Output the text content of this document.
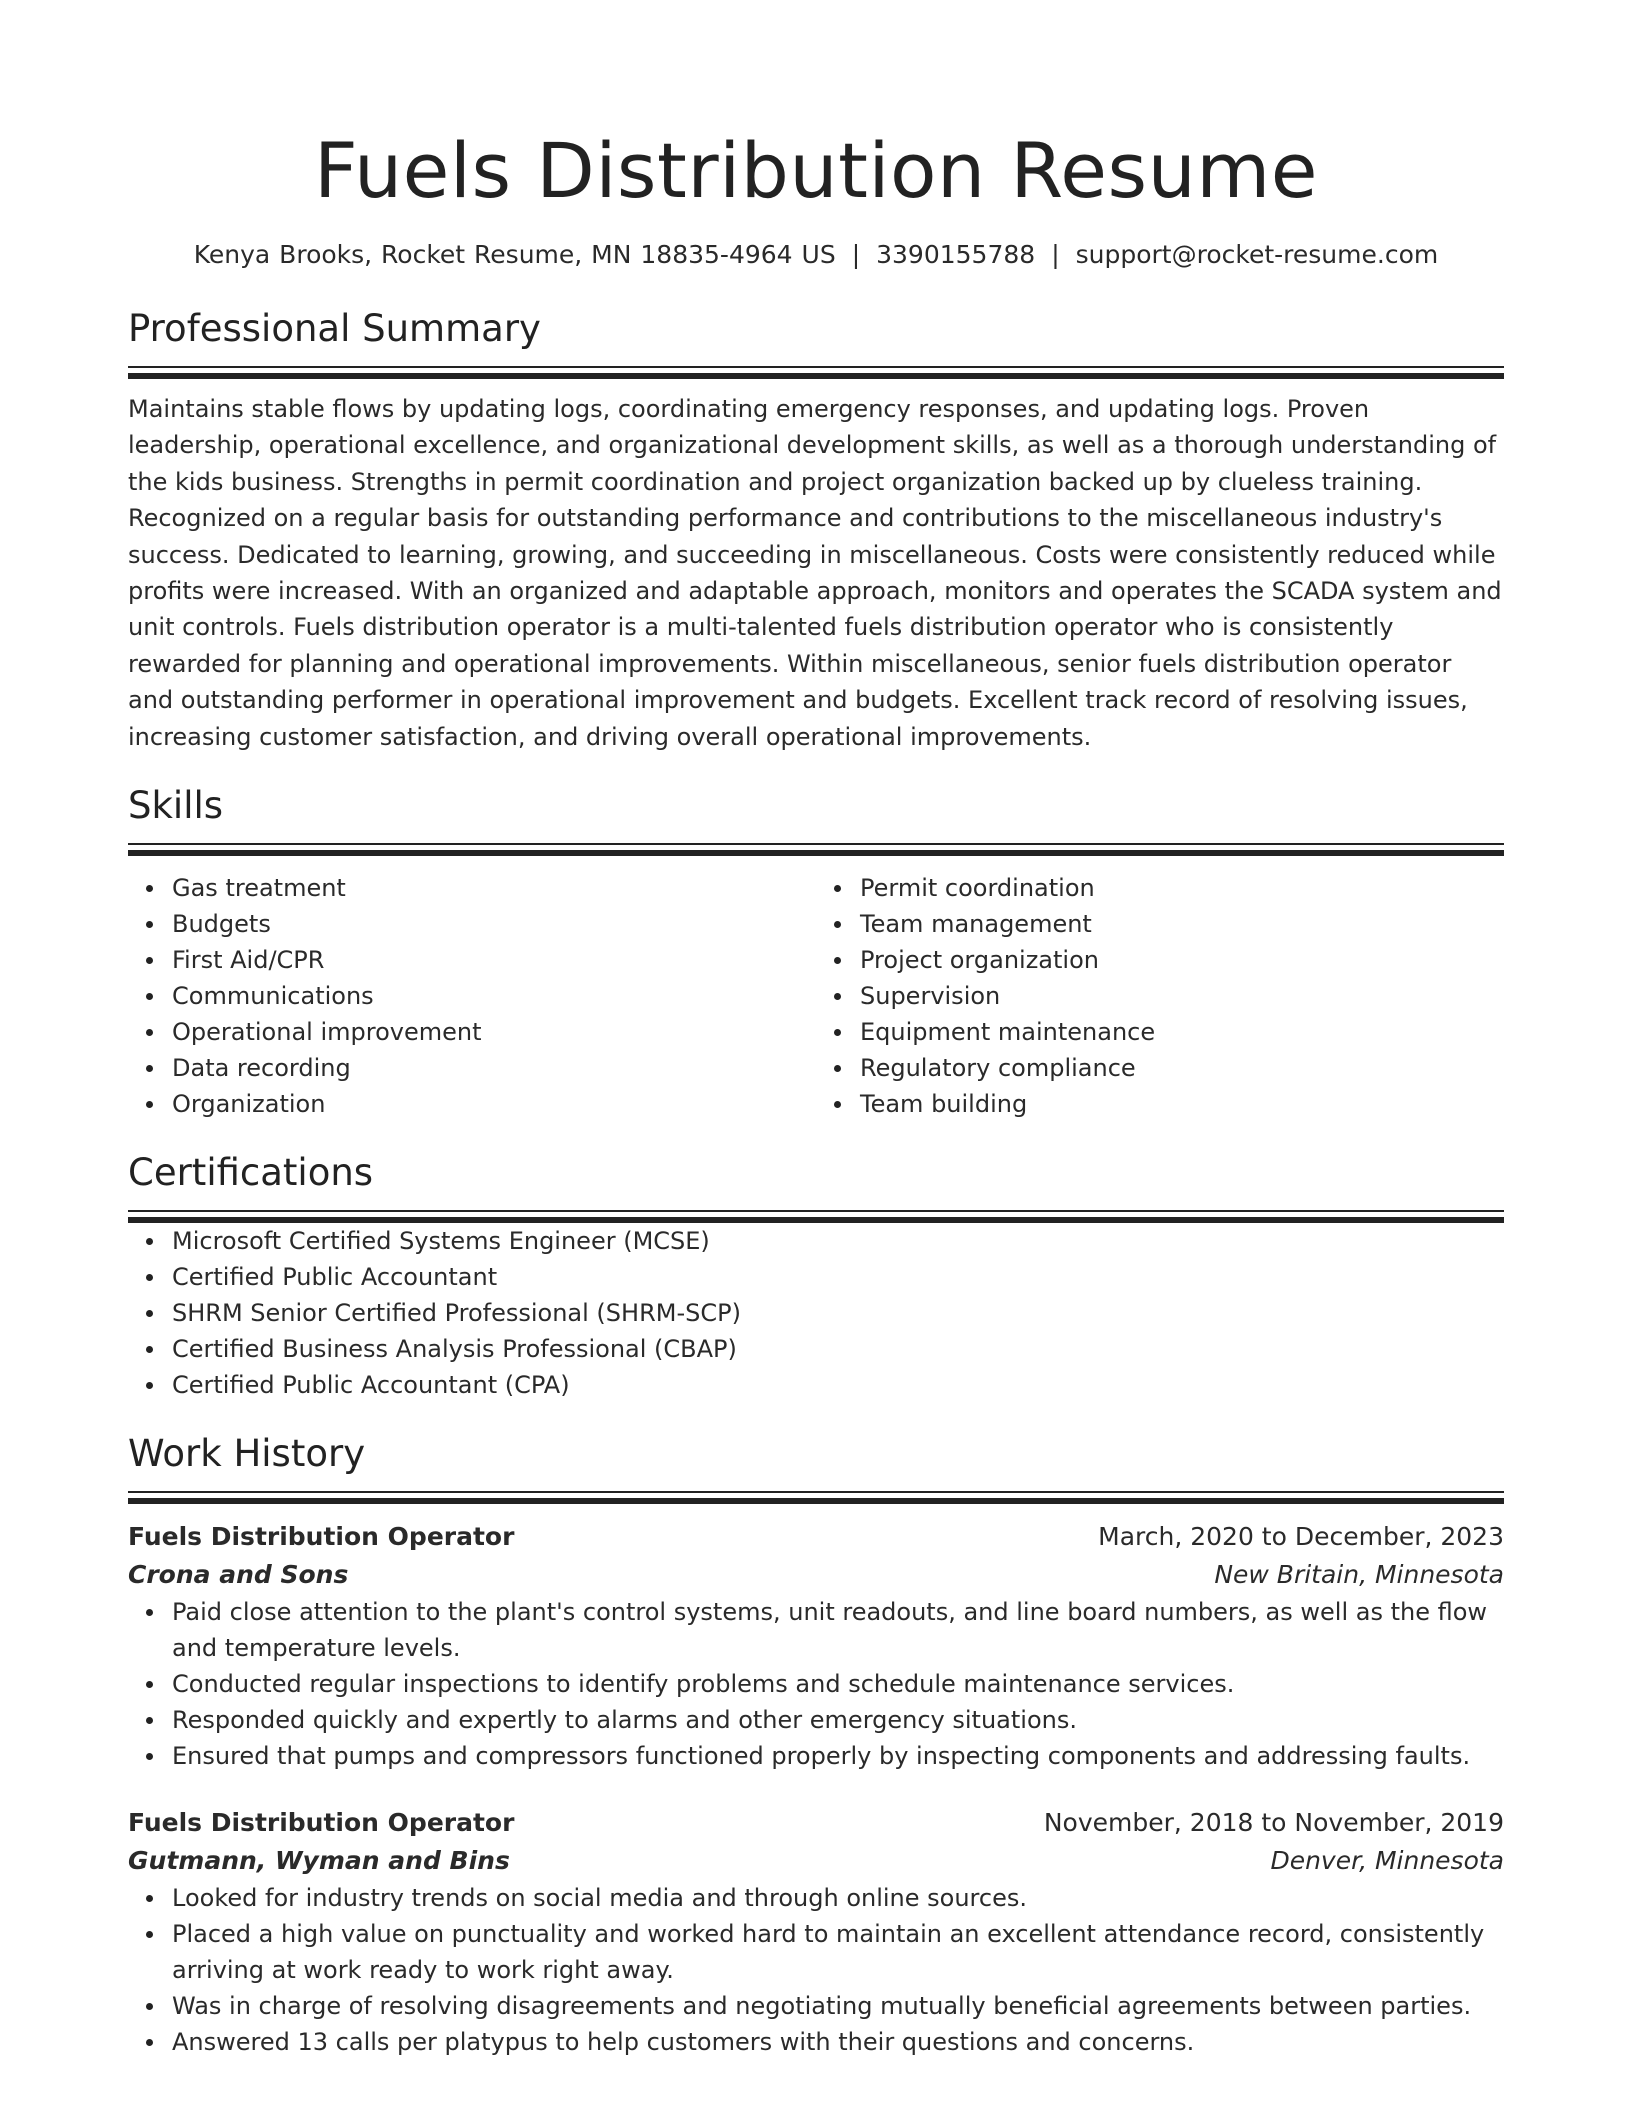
Fuels Distribution Resume
Kenya Brooks, Rocket Resume, MN 18835-4964 US | 3390155788 | support@rocket-resume.com
Professional Summary

Maintains stable flows by updating logs, coordinating emergency responses, and updating logs. Proven leadership, operational excellence, and organizational development skills, as well as a thorough understanding of the kids business. Strengths in permit coordination and project organization backed up by clueless training. Recognized on a regular basis for outstanding performance and contributions to the miscellaneous industry's success. Dedicated to learning, growing, and succeeding in miscellaneous. Costs were consistently reduced while profits were increased. With an organized and adaptable approach, monitors and operates the SCADA system and unit controls. Fuels distribution operator is a multi-talented fuels distribution operator who is consistently rewarded for planning and operational improvements. Within miscellaneous, senior fuels distribution operator and outstanding performer in operational improvement and budgets. Excellent track record of resolving issues, increasing customer satisfaction, and driving overall operational improvements.

Skills
Gas treatment
Budgets
First Aid/CPR
Communications
Operational improvement
Data recording
Organization
Permit coordination
Team management
Project organization
Supervision
Equipment maintenance
Regulatory compliance
Team building
Certifications
Microsoft Certified Systems Engineer (MCSE)
Certified Public Accountant
SHRM Senior Certified Professional (SHRM-SCP)
Certified Business Analysis Professional (CBAP)
Certified Public Accountant (CPA)
Work History
Fuels Distribution Operator	March, 2020 to December, 2023
Crona and Sons	New Britain, Minnesota
Paid close attention to the plant's control systems, unit readouts, and line board numbers, as well as the flow and temperature levels.
Conducted regular inspections to identify problems and schedule maintenance services.
Responded quickly and expertly to alarms and other emergency situations.
Ensured that pumps and compressors functioned properly by inspecting components and addressing faults.
Fuels Distribution Operator	November, 2018 to November, 2019
Gutmann, Wyman and Bins	Denver, Minnesota
Looked for industry trends on social media and through online sources.
Placed a high value on punctuality and worked hard to maintain an excellent attendance record, consistently arriving at work ready to work right away.
Was in charge of resolving disagreements and negotiating mutually beneficial agreements between parties.
Answered 13 calls per platypus to help customers with their questions and concerns.
